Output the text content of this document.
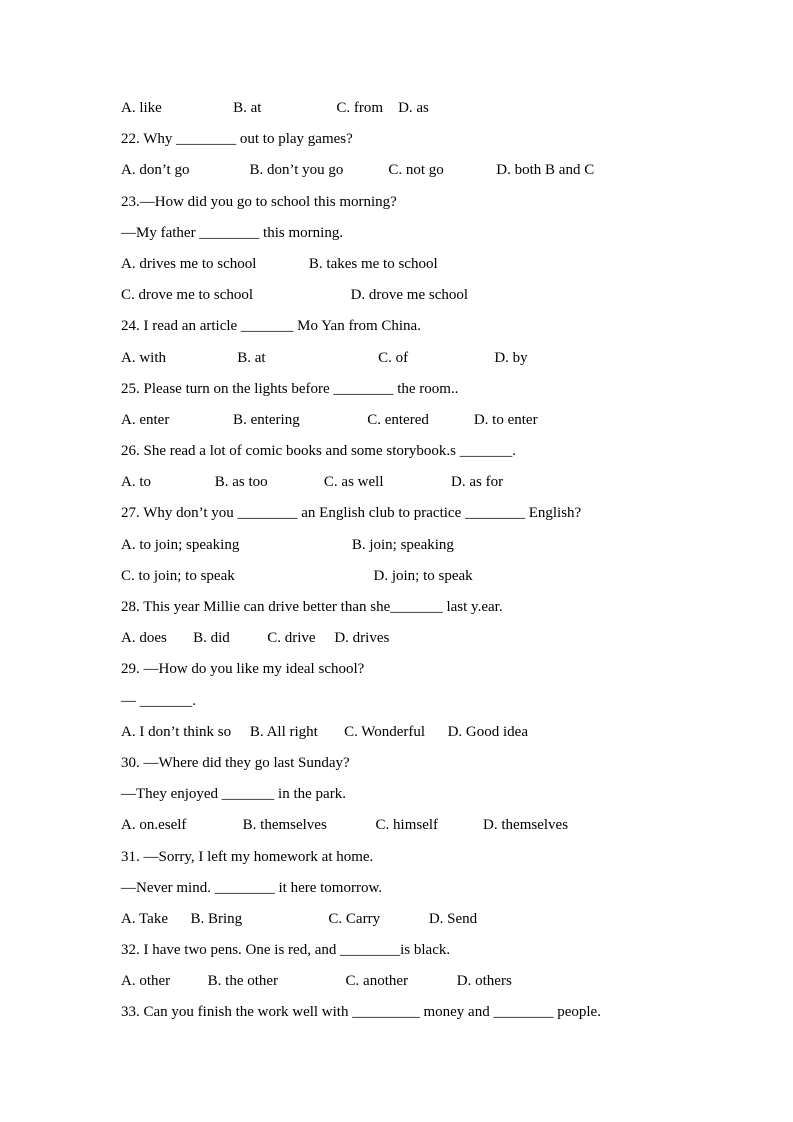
A. like                   B. at                    C. from    D. as
22. Why ________ out to play games?
A. don’t go                B. don’t you go            C. not go              D. both B and C
23.—How did you go to school this morning?
—My father ________ this morning.
A. drives me to school              B. takes me to school
C. drove me to school                          D. drove me school
24. I read an article _______ Mo Yan from China.
A. with                   B. at                              C. of                       D. by
25. Please turn on the lights before ________ the room..
A. enter                 B. entering                  C. entered            D. to enter
26. She read a lot of comic books and some storybook.s _______.
A. to                 B. as too               C. as well                  D. as for
27. Why don’t you ________ an English club to practice ________ English?
A. to join; speaking                              B. join; speaking
C. to join; to speak                                     D. join; to speak
28. This year Millie can drive better than she_______ last y.ear.
A. does       B. did          C. drive     D. drives
29. —How do you like my ideal school?
— _______.
A. I don’t think so     B. All right       C. Wonderful      D. Good idea
30. —Where did they go last Sunday?
—They enjoyed _______ in the park.
A. on.eself               B. themselves             C. himself            D. themselves
31. —Sorry, I left my homework at home.
—Never mind. ________ it here tomorrow.
A. Take      B. Bring                       C. Carry             D. Send
32. I have two pens. One is red, and ________is black.
A. other          B. the other                  C. another             D. others
33. Can you finish the work well with _________ money and ________ people.
